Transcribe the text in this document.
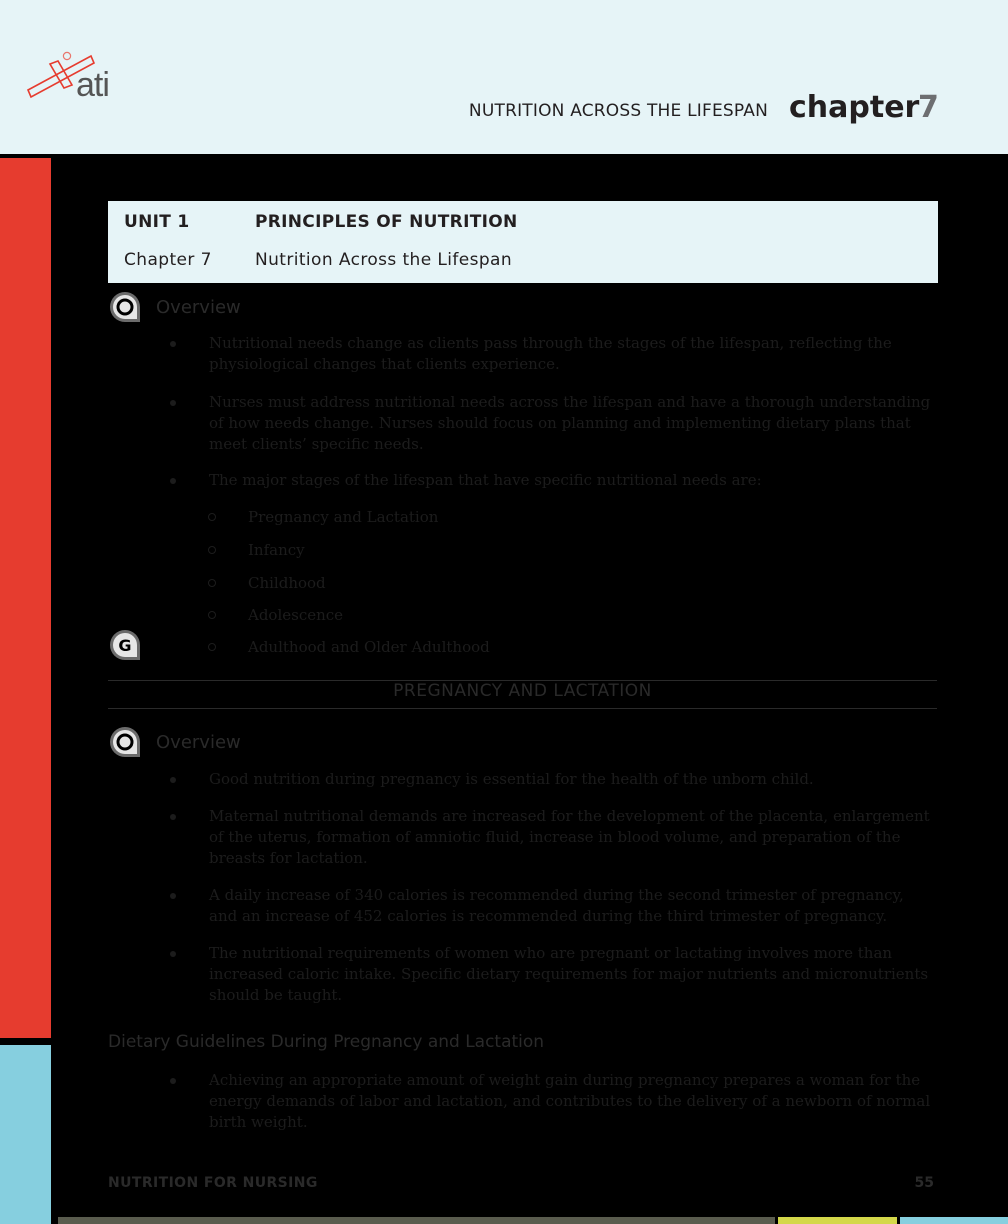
ati
NUTRITION ACROSS THE LIFESPAN chapter
7
UNIT 1	PRINCIPLES OF NUTRITION
Chapter 7	Nutrition Across the Lifespan
Overview
Nutritional needs change as clients pass through the stages of the lifespan, reflecting the physiological changes that clients experience.
Nurses must address nutritional needs across the lifespan and have a thorough understanding of how needs change. Nurses should focus on planning and implementing dietary plans that meet clients’ specific needs.
The major stages of the lifespan that have specific nutritional needs are:
Pregnancy and Lactation
Infancy
Childhood
Adolescence
Adulthood and Older Adulthood
G
PREGNANCY AND LACTATION
Overview
Good nutrition during pregnancy is essential for the health of the unborn child.
Maternal nutritional demands are increased for the development of the placenta, enlargement of the uterus, formation of amniotic fluid, increase in blood volume, and preparation of the breasts for lactation.
A daily increase of 340 calories is recommended during the second trimester of pregnancy, and an increase of 452 calories is recommended during the third trimester of pregnancy.
The nutritional requirements of women who are pregnant or lactating involves more than increased caloric intake. Specific dietary requirements for major nutrients and micronutrients should be taught.
Dietary Guidelines During Pregnancy and Lactation
Achieving an appropriate amount of weight gain during pregnancy prepares a woman for the energy demands of labor and lactation, and contributes to the delivery of a newborn of normal birth weight.
NUTRITION FOR NURSING	55
